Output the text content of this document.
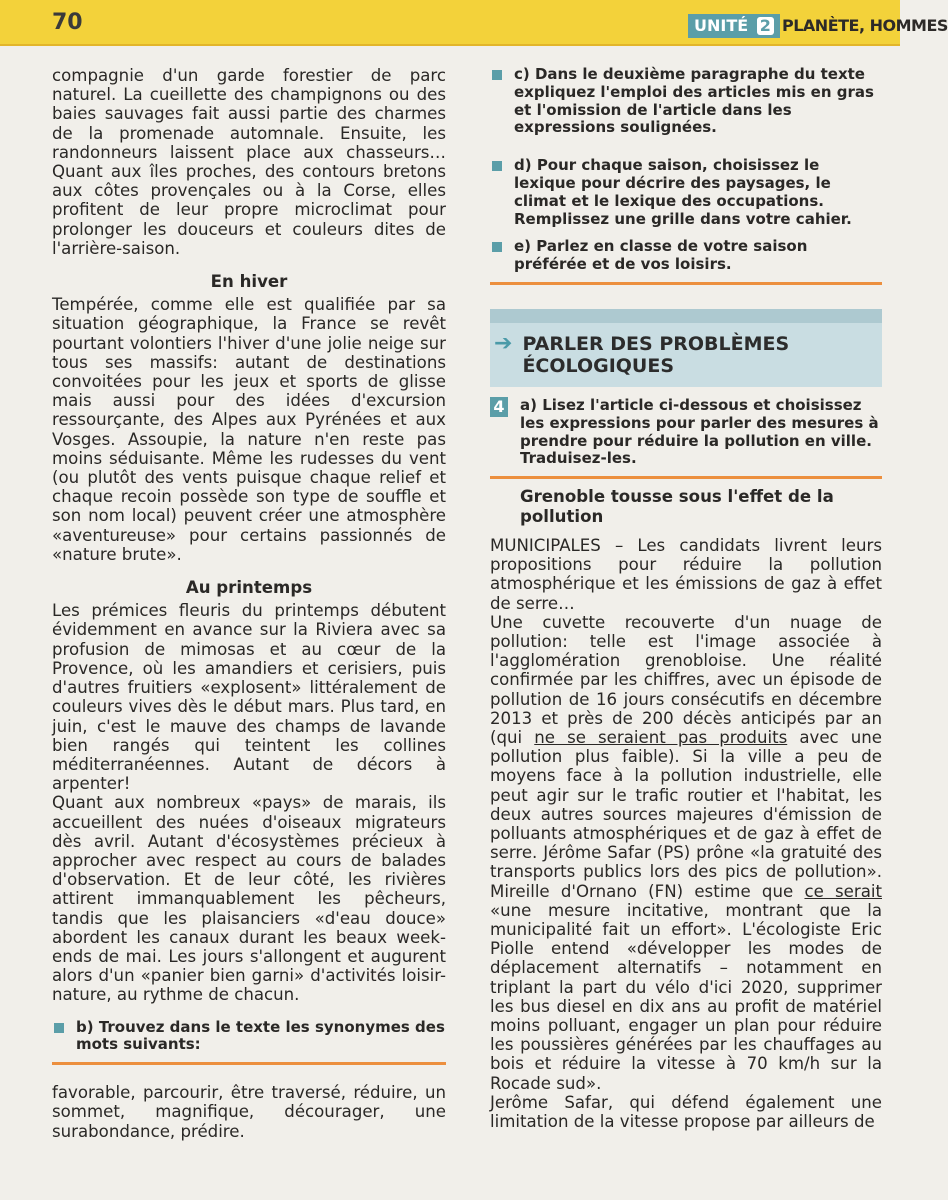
70	UNITÉ 2 PLANÈTE, HOMMES

compagnie d'un garde forestier de parc naturel. La cueillette des champignons ou des baies sauvages fait aussi partie des charmes de la promenade automnale. Ensuite, les randonneurs laissent place aux chasseurs… Quant aux îles proches, des contours bretons aux côtes provençales ou à la Corse, elles profitent de leur propre microclimat pour prolonger les douceurs et couleurs dites de l'arrière-saison.

En hiver

Tempérée, comme elle est qualifiée par sa situation géographique, la France se revêt pourtant volontiers l'hiver d'une jolie neige sur tous ses massifs: autant de destinations convoitées pour les jeux et sports de glisse mais aussi pour des idées d'excursion ressourçante, des Alpes aux Pyrénées et aux Vosges. Assoupie, la nature n'en reste pas moins séduisante. Même les rudesses du vent (ou plutôt des vents puisque chaque relief et chaque recoin possède son type de souffle et son nom local) peuvent créer une atmosphère «aventureuse» pour certains passionnés de «nature brute».

Au printemps

Les prémices fleuris du printemps débutent évidemment en avance sur la Riviera avec sa profusion de mimosas et au cœur de la Provence, où les amandiers et cerisiers, puis d'autres fruitiers «explosent» littéralement de couleurs vives dès le début mars. Plus tard, en juin, c'est le mauve des champs de lavande bien rangés qui teintent les collines méditerranéennes. Autant de décors à arpenter!

Quant aux nombreux «pays» de marais, ils accueillent des nuées d'oiseaux migrateurs dès avril. Autant d'écosystèmes précieux à approcher avec respect au cours de balades d'observation. Et de leur côté, les rivières attirent immanquablement les pêcheurs, tandis que les plaisanciers «d'eau douce» abordent les canaux durant les beaux week-ends de mai. Les jours s'allongent et augurent alors d'un «panier bien garni» d'activités loisir-nature, au rythme de chacun.

b) Trouvez dans le texte les synonymes des mots suivants:

favorable, parcourir, être traversé, réduire, un sommet, magnifique, décourager, une surabondance, prédire.

c) Dans le deuxième paragraphe du texte expliquez l'emploi des articles mis en gras et l'omission de l'article dans les expressions soulignées.

d) Pour chaque saison, choisissez le lexique pour décrire des paysages, le climat et le lexique des occupations. Remplissez une grille dans votre cahier.

e) Parlez en classe de votre saison préférée et de vos loisirs.

➔ PARLER DES PROBLÈMES ÉCOLOGIQUES
4	a) Lisez l'article ci-dessous et choisissez les expressions pour parler des mesures à prendre pour réduire la pollution en ville. Traduisez-les.

Grenoble tousse sous l'effet de la pollution

MUNICIPALES – Les candidats livrent leurs propositions pour réduire la pollution atmosphérique et les émissions de gaz à effet de serre…

Une cuvette recouverte d'un nuage de pollution: telle est l'image associée à l'agglomération grenobloise. Une réalité confirmée par les chiffres, avec un épisode de pollution de 16 jours consécutifs en décembre 2013 et près de 200 décès anticipés par an (qui ne se seraient pas produits avec une pollution plus faible). Si la ville a peu de moyens face à la pollution industrielle, elle peut agir sur le trafic routier et l'habitat, les deux autres sources majeures d'émission de polluants atmosphériques et de gaz à effet de serre. Jérôme Safar (PS) prône «la gratuité des transports publics lors des pics de pollution». Mireille d'Ornano (FN) estime que ce serait «une mesure incitative, montrant que la municipalité fait un effort». L'écologiste Eric Piolle entend «développer les modes de déplacement alternatifs – notamment en triplant la part du vélo d'ici 2020, supprimer les bus diesel en dix ans au profit de matériel moins polluant, engager un plan pour réduire les poussières générées par les chauffages au bois et réduire la vitesse à 70 km/h sur la Rocade sud».

Jerôme Safar, qui défend également une limitation de la vitesse propose par ailleurs de
